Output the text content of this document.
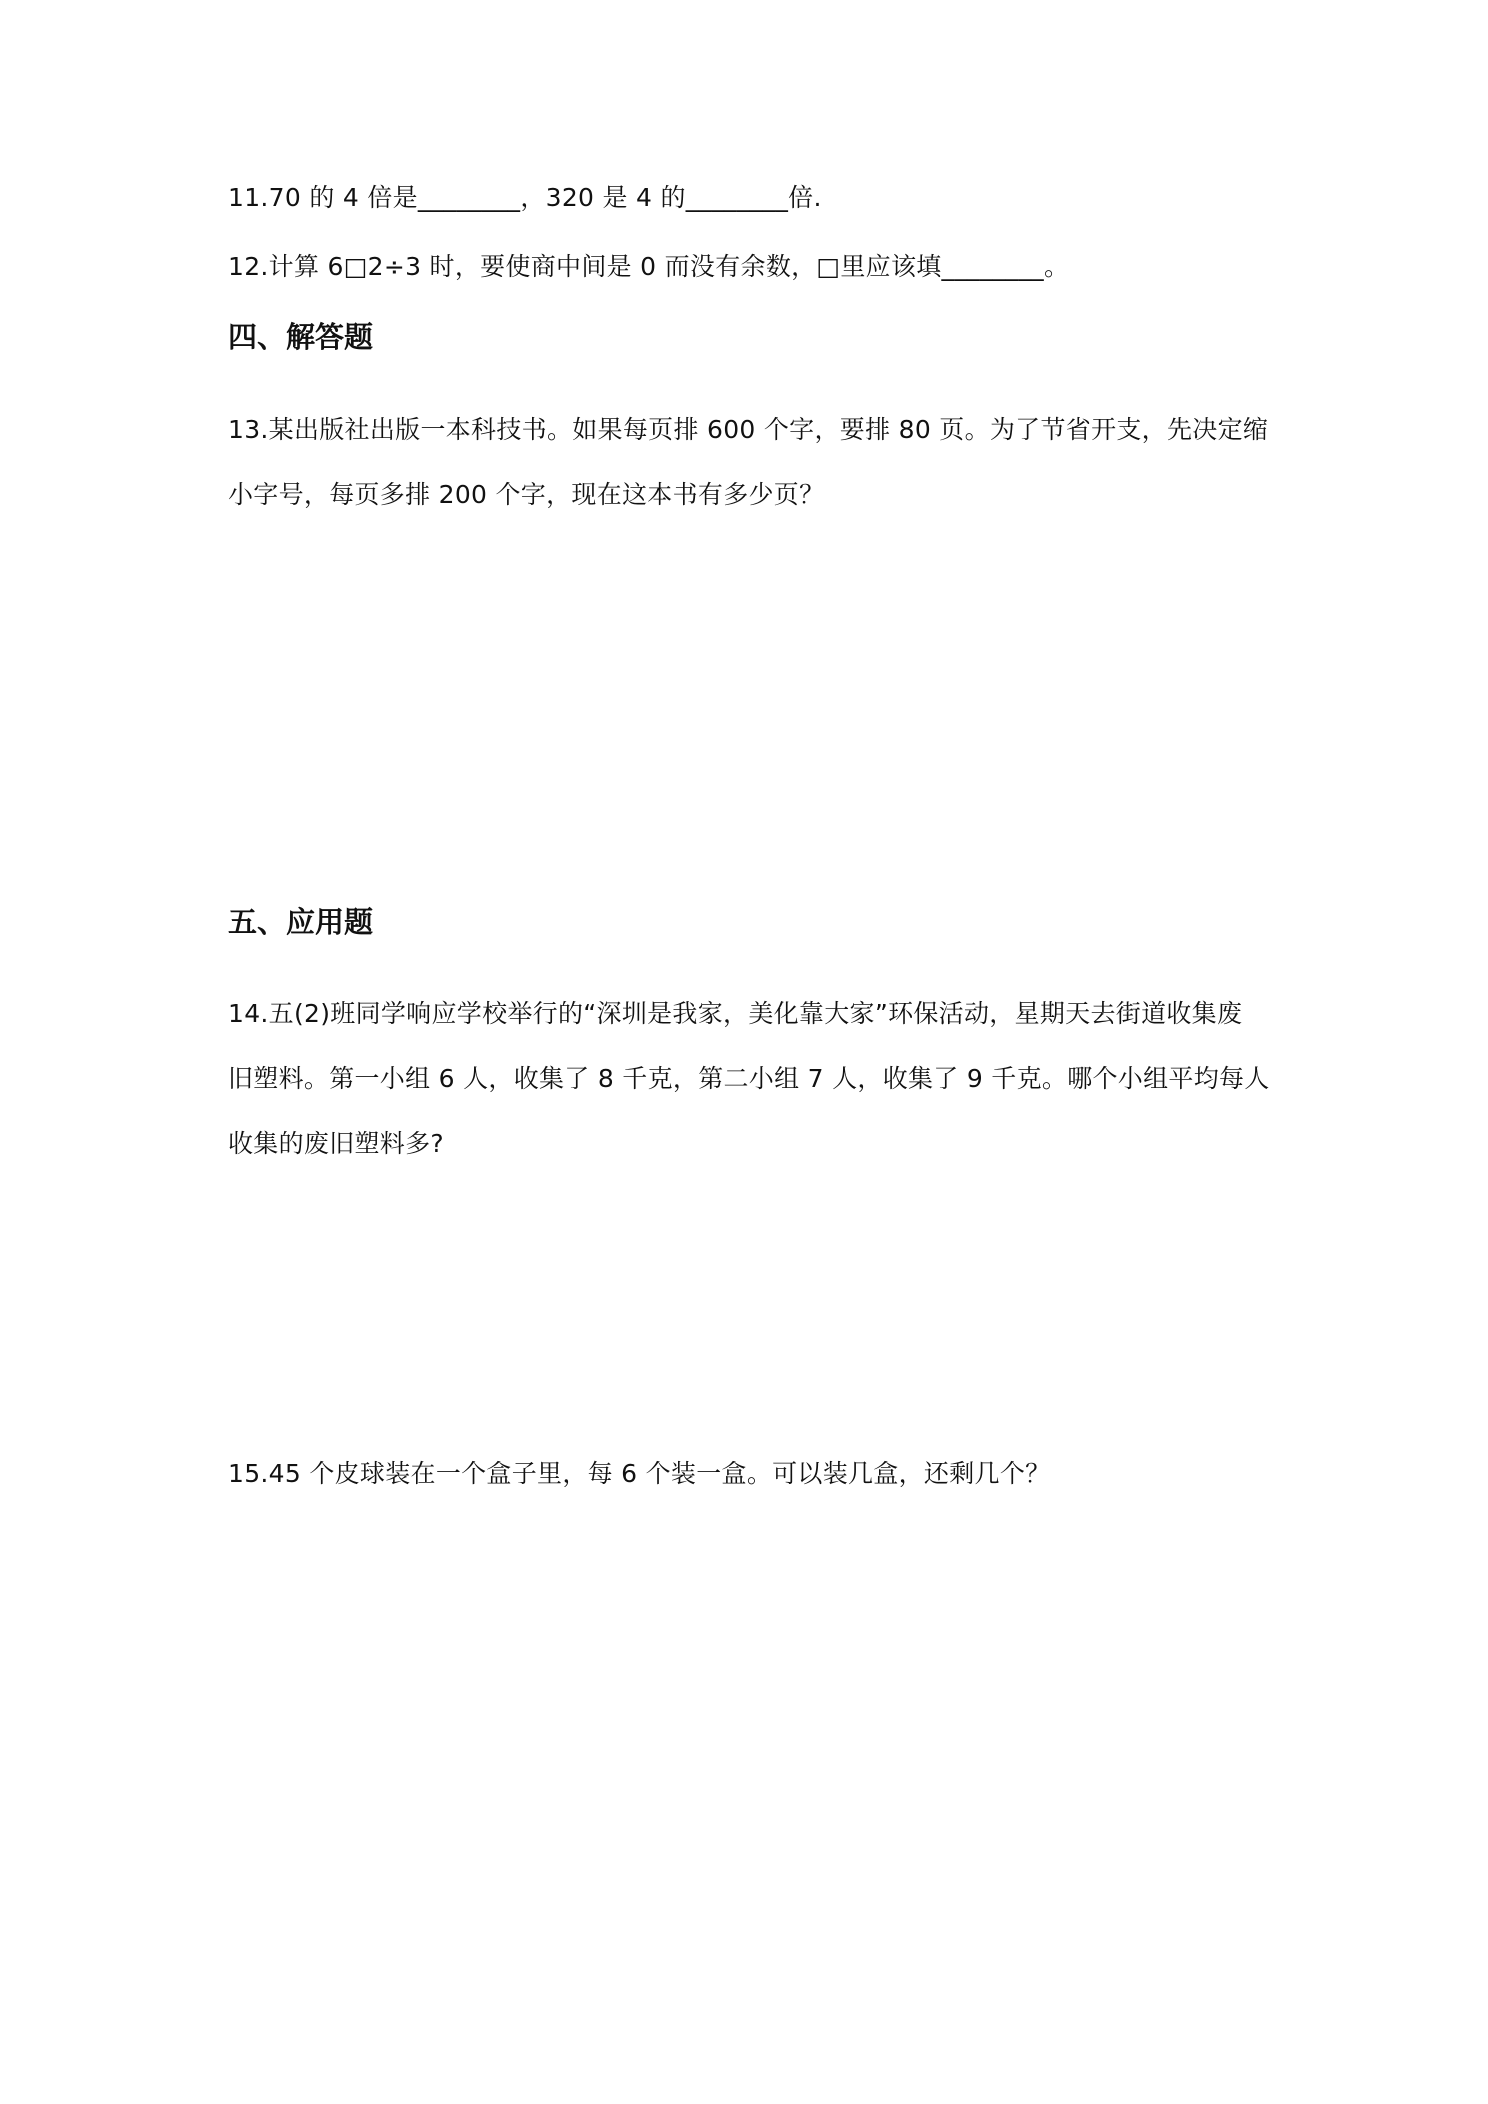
11.70 的 4 倍是________，320 是 4 的________倍.
12.计算 6□2÷3 时，要使商中间是 0 而没有余数，□里应该填________。
四、解答题
13.某出版社出版一本科技书。如果每页排 600 个字，要排 80 页。为了节省开支，先决定缩
小字号，每页多排 200 个字，现在这本书有多少页？
五、应用题
14.五(2)班同学响应学校举行的“深圳是我家，美化靠大家”环保活动，星期天去街道收集废
旧塑料。第一小组 6 人，收集了 8 千克，第二小组 7 人，收集了 9 千克。哪个小组平均每人
收集的废旧塑料多?
15.45 个皮球装在一个盒子里，每 6 个装一盒。可以装几盒，还剩几个？
